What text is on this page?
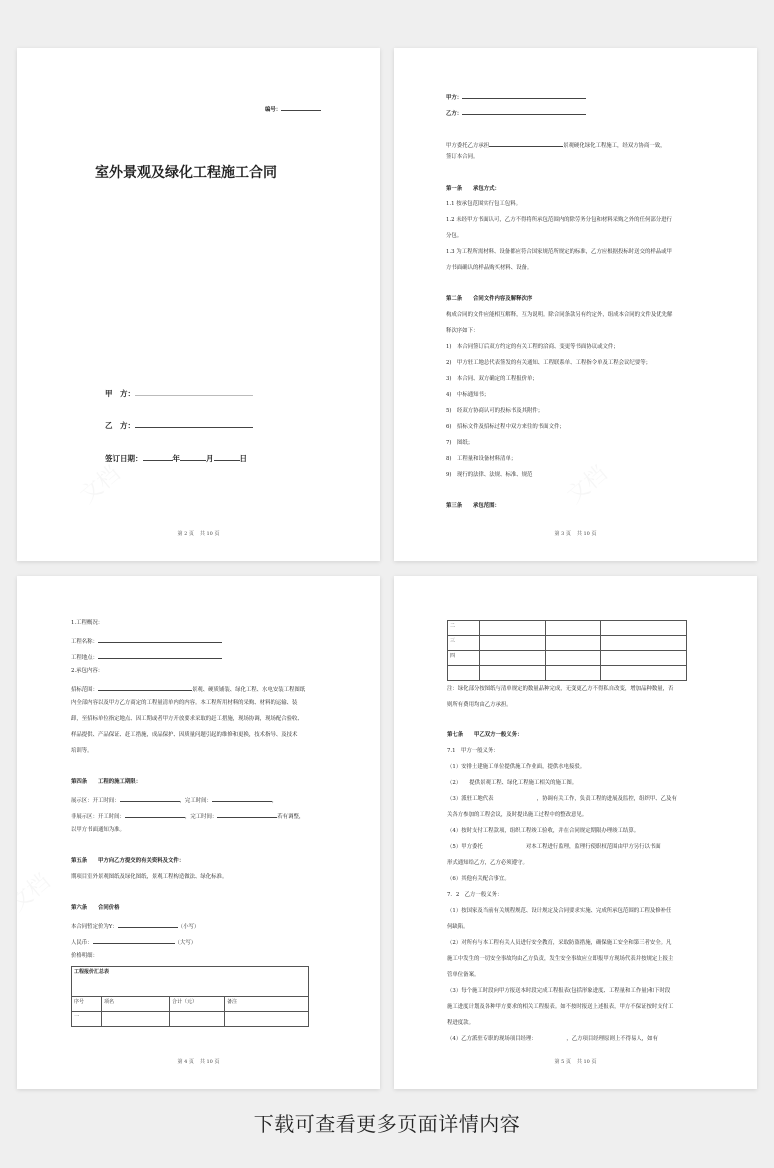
编号：
室外景观及绿化工程施工合同
甲　方：
乙　方：
签订日期：	年	月	日
第 2 页 共 10 页
甲方：
乙方：
甲方委托乙方承担	景观硬化绿化工程施工，经双方协商一致，
签订本合同。
第一条　　承包方式：
1.1 按承包范围实行包工包料。
1.2 未经甲方书面认可，乙方不得将所承包范围内的除劳务分包和材料采购之外的任何部分进行
分包。
1.3 为工程所需材料、设备都应符合国家规范所规定的标准，乙方应根据投标时送交的样品或甲
方书面确认的样品购买材料、设备。
第二条　　合同文件内容及解释次序
构成合同的文件应能相互解释，互为说明。除合同条款另有约定外，组成本合同的文件及优先解
释次序如下：
1)　本合同签订后双方约定的有关工程的洽商、变更等书面协议或文件；
2)　甲方驻工地总代表签发的有关通知、工程联系单、工程指令单及工程会议纪要等；
3)　本合同、双方确定的工程报价单；
4)　中标通知书；
5)　经双方协商认可的投标书及其附件；
6)　招标文件及招标过程中双方来往的书面文件；
7)　图纸；
8)　工程量和设备材料清单；
9)　现行的法律、法规、标准、规范
第三条　　承包范围：
第 3 页 共 10 页
1.工程概况：
工程名称：
工程地点：
2.承包内容：
招标范围：	景观、硬质铺装、绿化工程、水电安装工程图纸
内全部内容以及甲方乙方商定的工程量清单内的内容。本工程所用材料的采购、材料的运输、装
卸，至招标单位指定地点、因工期或者甲方开放要求采取的赶工措施，现场协调，现场配合验收、
样品提供、产品保证、赶工措施，成品保护、因质量问题引起的维修和更换，技术指导、及技术
培训等。
第四条　　工程的施工期限：
展示区：开工时间：	，完工时间：	，
非展示区：开工时间：	，完工时间：	若有调整，
以甲方书面通知为准。
第五条　　甲方向乙方提交的有关资料及文件：
期项目室外景观图纸及绿化图纸，景观工程构造做法、绿化标准。
第六条　　合同价格
本合同暂定价为Y：	（小写）
人民币：	（大写）
价格明细：
工程报价汇总表			
序号	项名	合计（元）	备注
一			
第 4 页 共 10 页
二			
三			
四			

注：绿化部分按图纸与清单规定的数量品种完成，无变更乙方不得私自改变，增加品种数量，否
则所有费用均由乙方承担。
第七条　　甲乙双方一般义务：
7.1　甲方一般义务：
（1）安排土建施工单位提供施工作业面，提供水电接驳。
（2）　　提供景观工程、绿化工程施工相关的施工图。
（3）派驻工地代表　　　　　　　　，协调有关工作，负责工程的进展及监控，组织甲、乙及有
关各方参加的工程会议，及时提出施工过程中的整改意见。
（4）按时支付工程款项，组织工程竣工验收，并在合同规定期限办理竣工结算。
（5）甲方委托　　　　　　　　对本工程进行监理，监理行使职权范围由甲方另行以书面
形式通知给乙方，乙方必须遵守。
（6）其他有关配合事宜。
7．2　乙方一般义务：
（1）按国家及当前有关规程规范、设计规定及合同要求实施、完成所承包范围的工程及修补任
何缺陷。
（2）对所有与本工程有关人员进行安全教育，采取防盗措施，确保施工安全和第三者安全。凡
施工中发生的一切安全事故均由乙方负责，发生安全事故应立即报甲方现场代表并按规定上报主
管单位备案。
（3）每个施工时段向甲方报送本时段完成工程报表(包括形象进度、工程量和工作量)和下时段
施工进度计划及各种甲方要求的相关工程报表。如不按时报送上述报表，甲方不保证按时支付工
程进度款。
（4）乙方派驻专职的现场项目经理：　　　　　　，乙方项目经理原则上不得易人，如有
第 5 页 共 10 页
下载可查看更多页面详情内容
